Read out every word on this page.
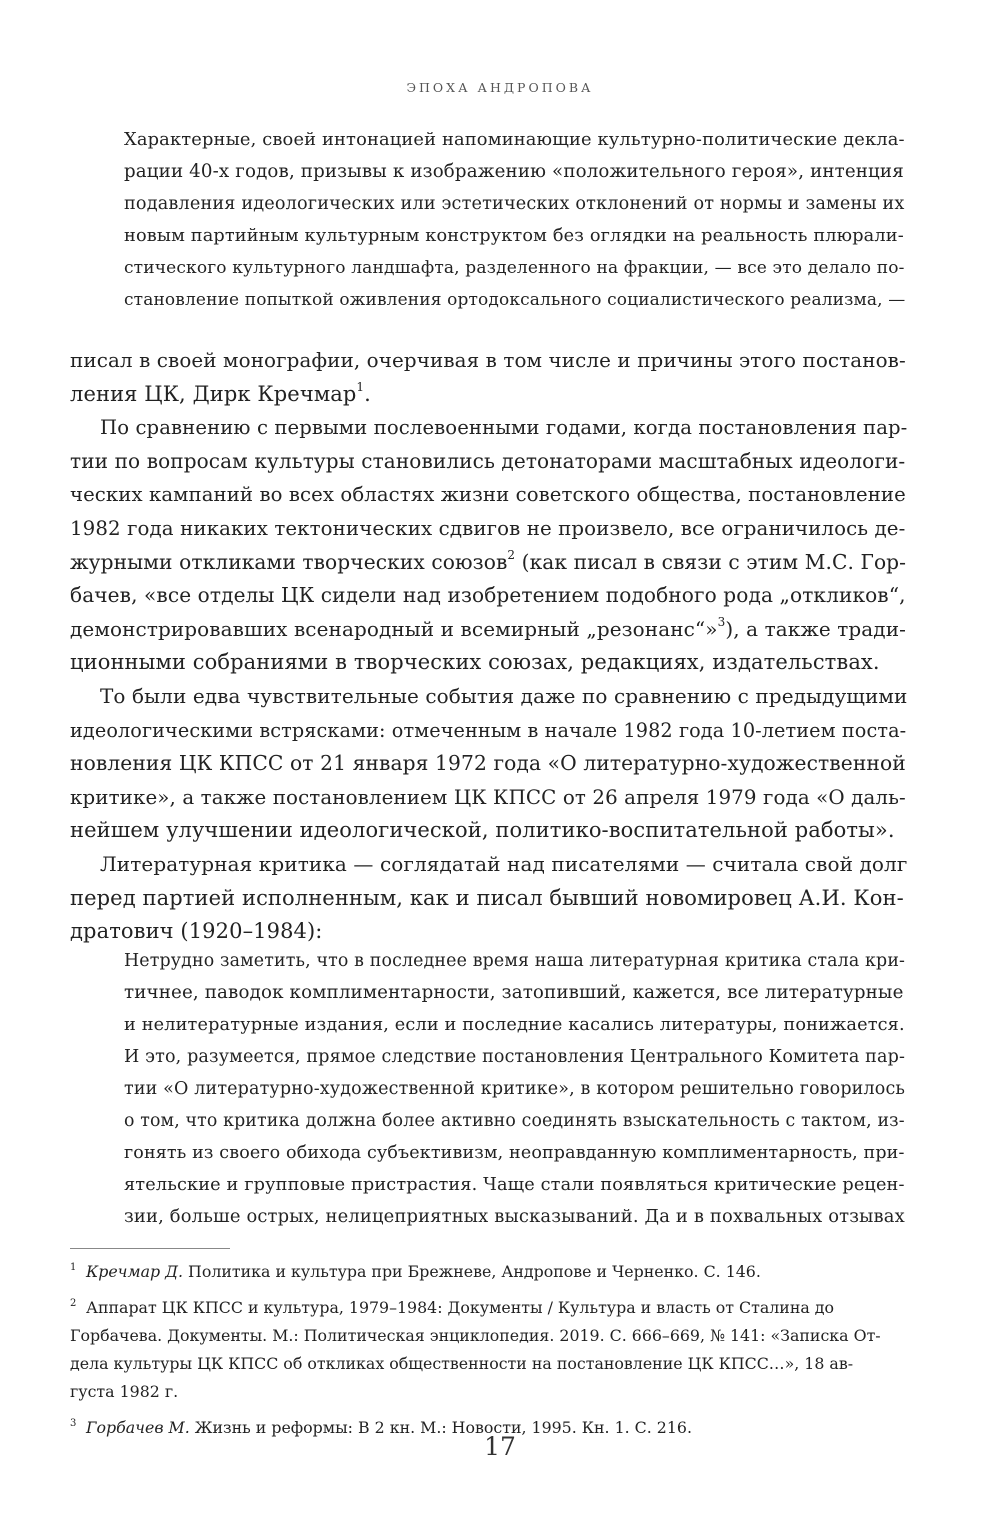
ЭПОХА АНДРОПОВА
Характерные, своей интонацией напоминающие культурно-политические декла-
рации 40-х годов, призывы к изображению «положительного героя», интенция
подавления идеологических или эстетических отклонений от нормы и замены их
новым партийным культурным конструктом без оглядки на реальность плюрали-
стического культурного ландшафта, разделенного на фракции, — все это делало по-
становление попыткой оживления ортодоксального социалистического реализма, —
писал в своей монографии, очерчивая в том числе и причины этого постанов-
ления ЦК, Дирк Кречмар$^1$.
По сравнению с первыми послевоенными годами, когда постановления пар-
тии по вопросам культуры становились детонаторами масштабных идеологи-
ческих кампаний во всех областях жизни советского общества, постановление
1982 года никаких тектонических сдвигов не произвело, все ограничилось де-
журными откликами творческих союзов$^2$ (как писал в связи с этим М.С. Гор-
бачев, «все отделы ЦК сидели над изобретением подобного рода „откликов“,
демонстрировавших всенародный и всемирный „резонанс“»$^3$), а также тради-
ционными собраниями в творческих союзах, редакциях, издательствах.
То были едва чувствительные события даже по сравнению с предыдущими
идеологическими встрясками: отмеченным в начале 1982 года 10-летием поста-
новления ЦК КПСС от 21 января 1972 года «О литературно-художественной
критике», а также постановлением ЦК КПСС от 26 апреля 1979 года «О даль-
нейшем улучшении идеологической, политико-воспитательной работы».
Литературная критика — соглядатай над писателями — считала свой долг
перед партией исполненным, как и писал бывший новомировец А.И. Кон-
дратович (1920–1984):
Нетрудно заметить, что в последнее время наша литературная критика стала кри-
тичнее, паводок комплиментарности, затопивший, кажется, все литературные
и нелитературные издания, если и последние касались литературы, понижается.
И это, разумеется, прямое следствие постановления Центрального Комитета пар-
тии «О литературно-художественной критике», в котором решительно говорилось
о том, что критика должна более активно соединять взыскательность с тактом, из-
гонять из своего обихода субъективизм, неоправданную комплиментарность, при-
ятельские и групповые пристрастия. Чаще стали появляться критические рецен-
зии, больше острых, нелицеприятных высказываний. Да и в похвальных отзывах
1 Кречмар Д. Политика и культура при Брежневе, Андропове и Черненко. С. 146.
2 Аппарат ЦК КПСС и культура, 1979–1984: Документы / Культура и власть от Сталина до
Горбачева. Документы. М.: Политическая энциклопедия. 2019. С. 666–669, № 141: «Записка От-
дела культуры ЦК КПСС об откликах общественности на постановление ЦК КПСС…», 18 ав-
густа 1982 г.
3 Горбачев М. Жизнь и реформы: В 2 кн. М.: Новости, 1995. Кн. 1. С. 216.
17
